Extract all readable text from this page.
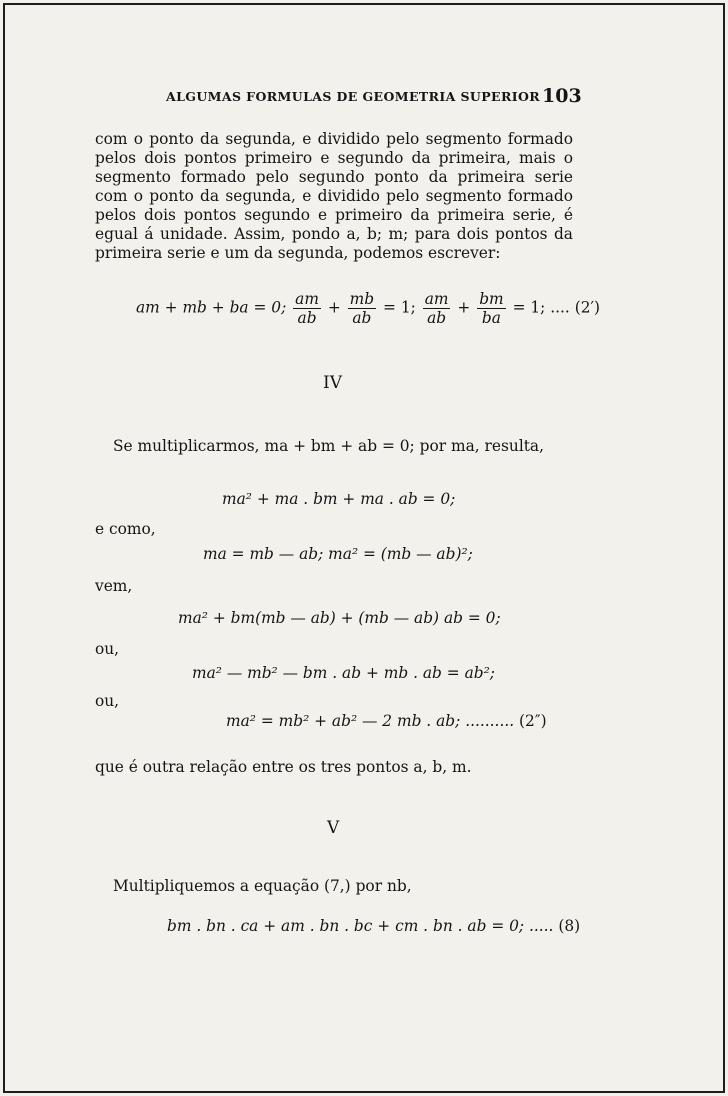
ALGUMAS FORMULAS DE GEOMETRIA SUPERIOR 103

com o ponto da segunda, e dividido pelo segmento formado pelos dois pontos primeiro e segundo da primeira, mais o segmento formado pelo segundo ponto da primeira serie com o ponto da segunda, e dividido pelo segmento formado pelos dois pontos segundo e primeiro da primeira serie, é egual á unidade. Assim, pondo a, b; m; para dois pontos da primeira serie e um da segunda, podemos escrever:

am + mb + ba = 0; $\frac{am}{ab} + \frac{mb}{ab} = 1$; $\frac{am}{ab} + \frac{bm}{ba} = 1$; .... (2′)
IV
Se multiplicarmos, ma + bm + ab = 0; por ma, resulta,
ma² + ma . bm + ma . ab = 0;
e como,
ma = mb — ab; ma² = (mb — ab)²;
vem,
ma² + bm(mb — ab) + (mb — ab) ab = 0;
ou,
ma² — mb² — bm . ab + mb . ab = ab²;
ou,
ma² = mb² + ab² — 2 mb . ab; .......... (2″)
que é outra relação entre os tres pontos a, b, m.
V
Multipliquemos a equação (7,) por nb,
bm . bn . ca + am . bn . bc + cm . bn . ab = 0; ..... (8)
